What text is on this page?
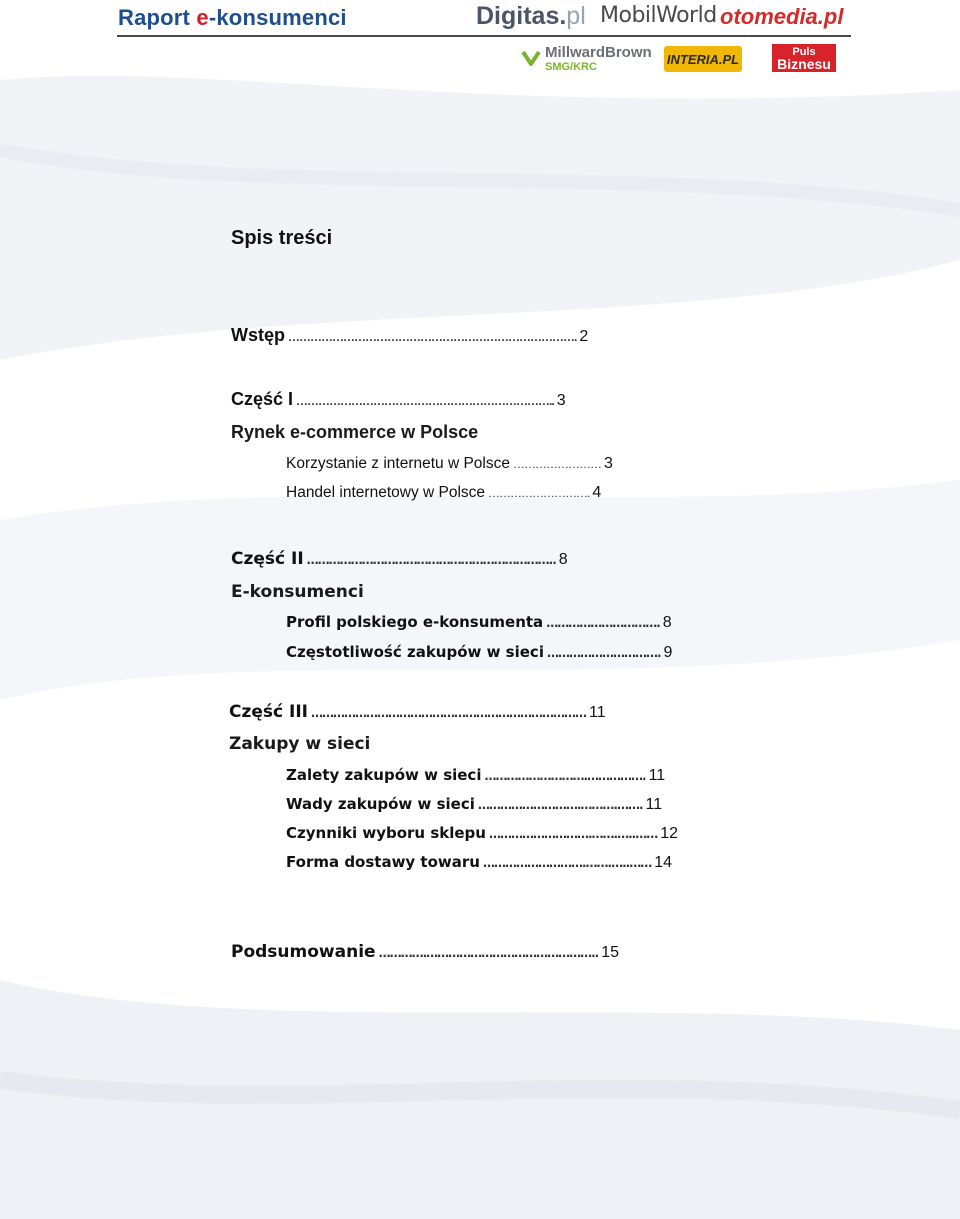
Raport e-konsumenci	Digitas.pl MobilWorld otomedia.pl
MillwardBrown
SMG/KRC
INTERIA.PL	Puls
Biznesu
Spis treści
Wstęp ……………………………………………………………………. 2
Część I …………………………………………………………….. 3
Rynek e-commerce w Polsce
Korzystanie z internetu w Polsce …………………… 3
Handel internetowy w Polsce ………………………. 4
Część II ………………………………………………………….. 8
E-konsumenci
Profil polskiego e-konsumenta …………………………. 8
Częstotliwość zakupów w sieci …………………………. 9
Część III ………………………………………………………………… 11
Zakupy w sieci
Zalety zakupów w sieci ……………………….……………. 11
Wady zakupów w sieci ……………………….……….……. 11
Czynniki wyboru sklepu ……………………….…….…..…… 12
Forma dostawy towaru ……………………….…….…..…… 14
Podsumowanie ………….……………………………………….. 15
